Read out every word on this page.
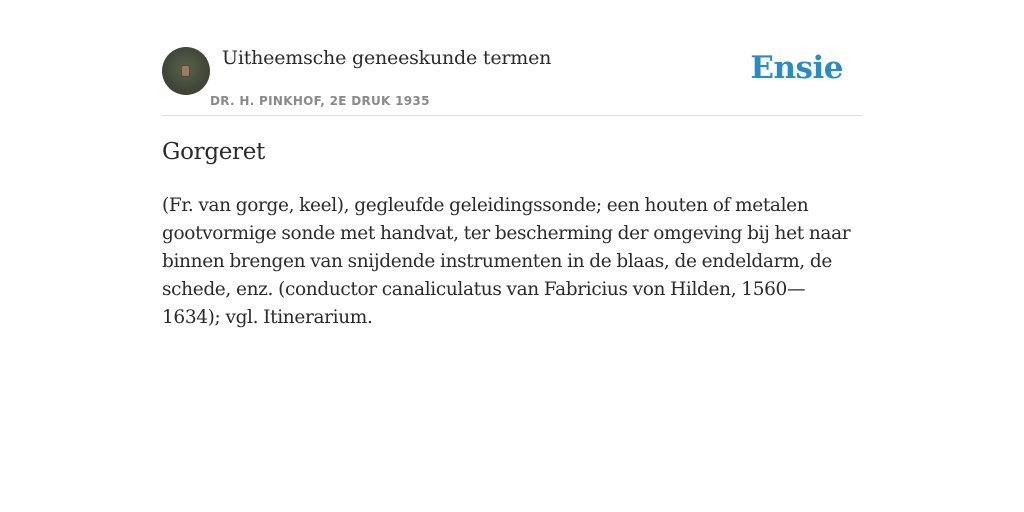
Uitheemsche geneeskunde termen
DR. H. PINKHOF, 2E DRUK 1935
Ensie
Gorgeret

(Fr. van gorge, keel), gegleufde geleidingssonde; een houten of metalen gootvormige sonde met handvat, ter bescherming der omgeving bij het naar binnen brengen van snijdende instrumenten in de blaas, de endeldarm, de schede, enz. (conductor canaliculatus van Fabricius von Hilden, 1560—1634); vgl. Itinerarium.
